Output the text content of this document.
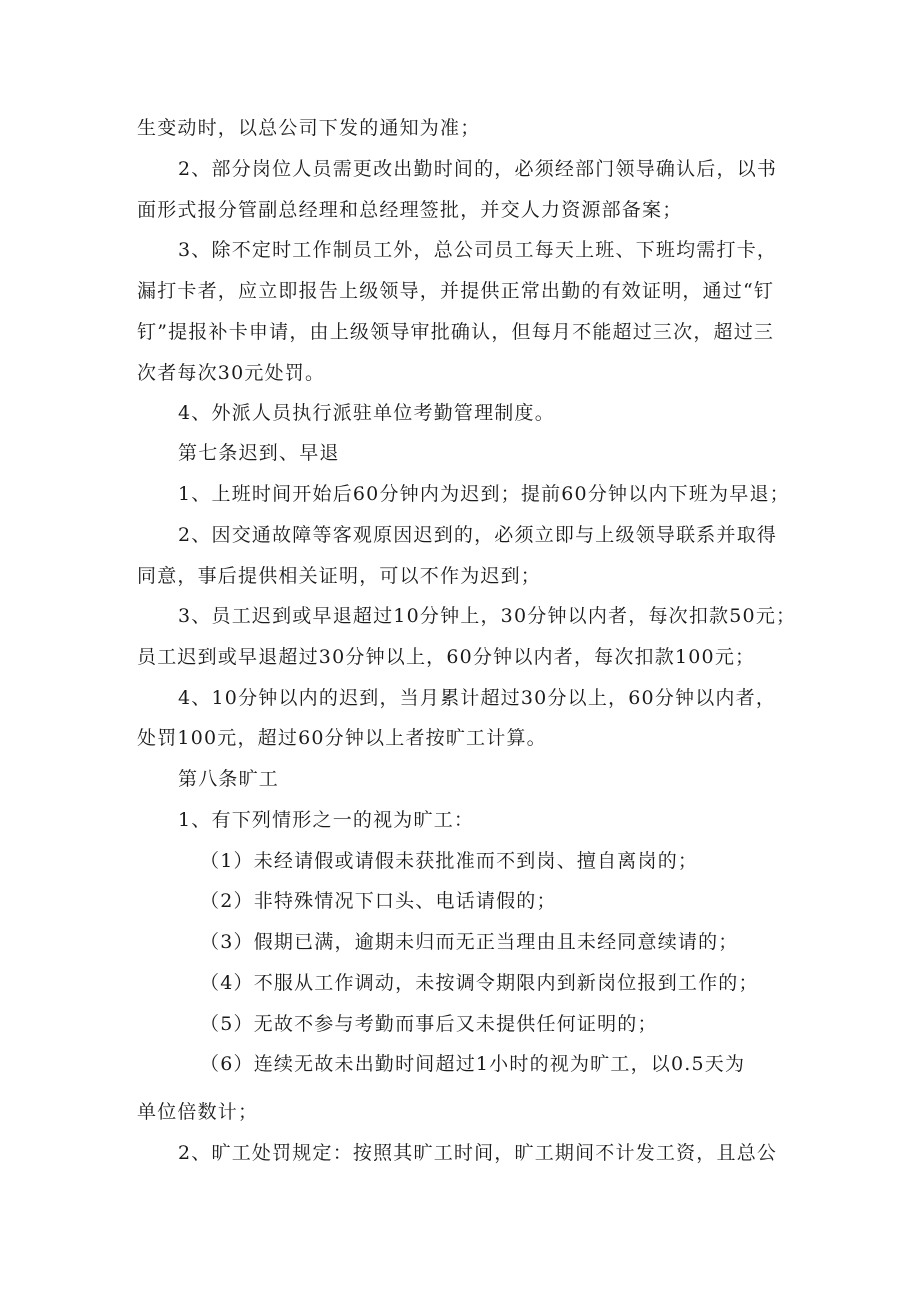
生变动时，以总公司下发的通知为准；
2、部分岗位人员需更改出勤时间的，必须经部门领导确认后，以书
面形式报分管副总经理和总经理签批，并交人力资源部备案；
3、除不定时工作制员工外，总公司员工每天上班、下班均需打卡，
漏打卡者，应立即报告上级领导，并提供正常出勤的有效证明，通过“钉
钉”提报补卡申请，由上级领导审批确认，但每月不能超过三次，超过三
次者每次30元处罚。
4、外派人员执行派驻单位考勤管理制度。
第七条迟到、早退
1、上班时间开始后60分钟内为迟到；提前60分钟以内下班为早退；
2、因交通故障等客观原因迟到的，必须立即与上级领导联系并取得
同意，事后提供相关证明，可以不作为迟到；
3、员工迟到或早退超过10分钟上，30分钟以内者，每次扣款50元；
员工迟到或早退超过30分钟以上，60分钟以内者，每次扣款100元；
4、10分钟以内的迟到，当月累计超过30分以上，60分钟以内者，
处罚100元，超过60分钟以上者按旷工计算。
第八条旷工
1、有下列情形之一的视为旷工：
（1）未经请假或请假未获批准而不到岗、擅自离岗的；
（2）非特殊情况下口头、电话请假的；
（3）假期已满，逾期未归而无正当理由且未经同意续请的；
（4）不服从工作调动，未按调令期限内到新岗位报到工作的；
（5）无故不参与考勤而事后又未提供任何证明的；
（6）连续无故未出勤时间超过1小时的视为旷工，以0.5天为
单位倍数计；
2、旷工处罚规定：按照其旷工时间，旷工期间不计发工资，且总公
